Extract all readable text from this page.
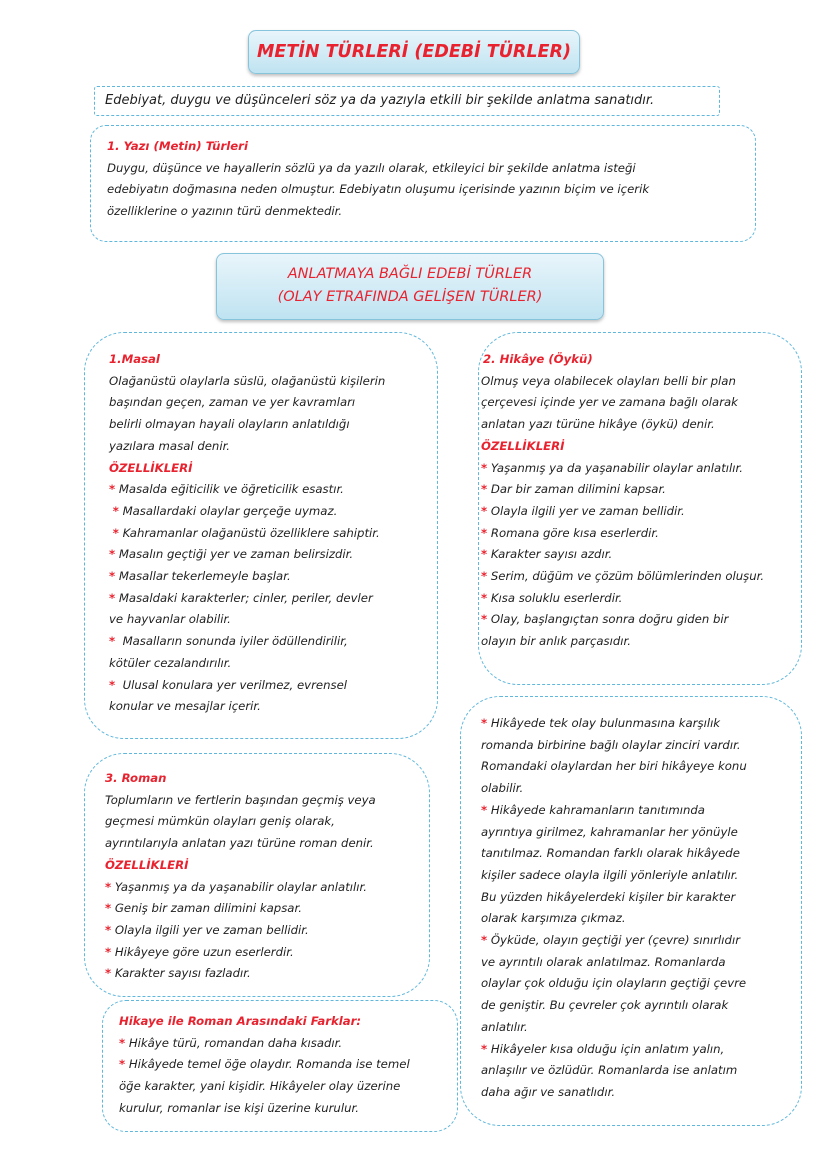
METİN TÜRLERİ (EDEBİ TÜRLER)
Edebiyat, duygu ve düşünceleri söz ya da yazıyla etkili bir şekilde anlatma sanatıdır.
1. Yazı (Metin) Türleri
Duygu, düşünce ve hayallerin sözlü ya da yazılı olarak, etkileyici bir şekilde anlatma isteği
edebiyatın doğmasına neden olmuştur. Edebiyatın oluşumu içerisinde yazının biçim ve içerik
özelliklerine o yazının türü denmektedir.
ANLATMAYA BAĞLI EDEBİ TÜRLER
(OLAY ETRAFINDA GELİŞEN TÜRLER)
1.Masal
Olağanüstü olaylarla süslü, olağanüstü kişilerin
başından geçen, zaman ve yer kavramları
belirli olmayan hayali olayların anlatıldığı
yazılara masal denir.
ÖZELLİKLERİ
* Masalda eğiticilik ve öğreticilik esastır.
* Masallardaki olaylar gerçeğe uymaz.
* Kahramanlar olağanüstü özelliklere sahiptir.
* Masalın geçtiği yer ve zaman belirsizdir.
* Masallar tekerlemeyle başlar.
* Masaldaki karakterler; cinler, periler, devler
ve hayvanlar olabilir.
* Masalların sonunda iyiler ödüllendirilir,
kötüler cezalandırılır.
* Ulusal konulara yer verilmez, evrensel
konular ve mesajlar içerir.
2. Hikâye (Öykü)
Olmuş veya olabilecek olayları belli bir plan
çerçevesi içinde yer ve zamana bağlı olarak
anlatan yazı türüne hikâye (öykü) denir.
ÖZELLİKLERİ
* Yaşanmış ya da yaşanabilir olaylar anlatılır.
* Dar bir zaman dilimini kapsar.
* Olayla ilgili yer ve zaman bellidir.
* Romana göre kısa eserlerdir.
* Karakter sayısı azdır.
* Serim, düğüm ve çözüm bölümlerinden oluşur.
* Kısa soluklu eserlerdir.
* Olay, başlangıçtan sonra doğru giden bir
olayın bir anlık parçasıdır.
3. Roman
Toplumların ve fertlerin başından geçmiş veya
geçmesi mümkün olayları geniş olarak,
ayrıntılarıyla anlatan yazı türüne roman denir.
ÖZELLİKLERİ
* Yaşanmış ya da yaşanabilir olaylar anlatılır.
* Geniş bir zaman dilimini kapsar.
* Olayla ilgili yer ve zaman bellidir.
* Hikâyeye göre uzun eserlerdir.
* Karakter sayısı fazladır.
Hikaye ile Roman Arasındaki Farklar:
* Hikâye türü, romandan daha kısadır.
* Hikâyede temel öğe olaydır. Romanda ise temel
öğe karakter, yani kişidir. Hikâyeler olay üzerine
kurulur, romanlar ise kişi üzerine kurulur.
* Hikâyede tek olay bulunmasına karşılık
romanda birbirine bağlı olaylar zinciri vardır.
Romandaki olaylardan her biri hikâyeye konu
olabilir.
* Hikâyede kahramanların tanıtımında
ayrıntıya girilmez, kahramanlar her yönüyle
tanıtılmaz. Romandan farklı olarak hikâyede
kişiler sadece olayla ilgili yönleriyle anlatılır.
Bu yüzden hikâyelerdeki kişiler bir karakter
olarak karşımıza çıkmaz.
* Öyküde, olayın geçtiği yer (çevre) sınırlıdır
ve ayrıntılı olarak anlatılmaz. Romanlarda
olaylar çok olduğu için olayların geçtiği çevre
de geniştir. Bu çevreler çok ayrıntılı olarak
anlatılır.
* Hikâyeler kısa olduğu için anlatım yalın,
anlaşılır ve özlüdür. Romanlarda ise anlatım
daha ağır ve sanatlıdır.
